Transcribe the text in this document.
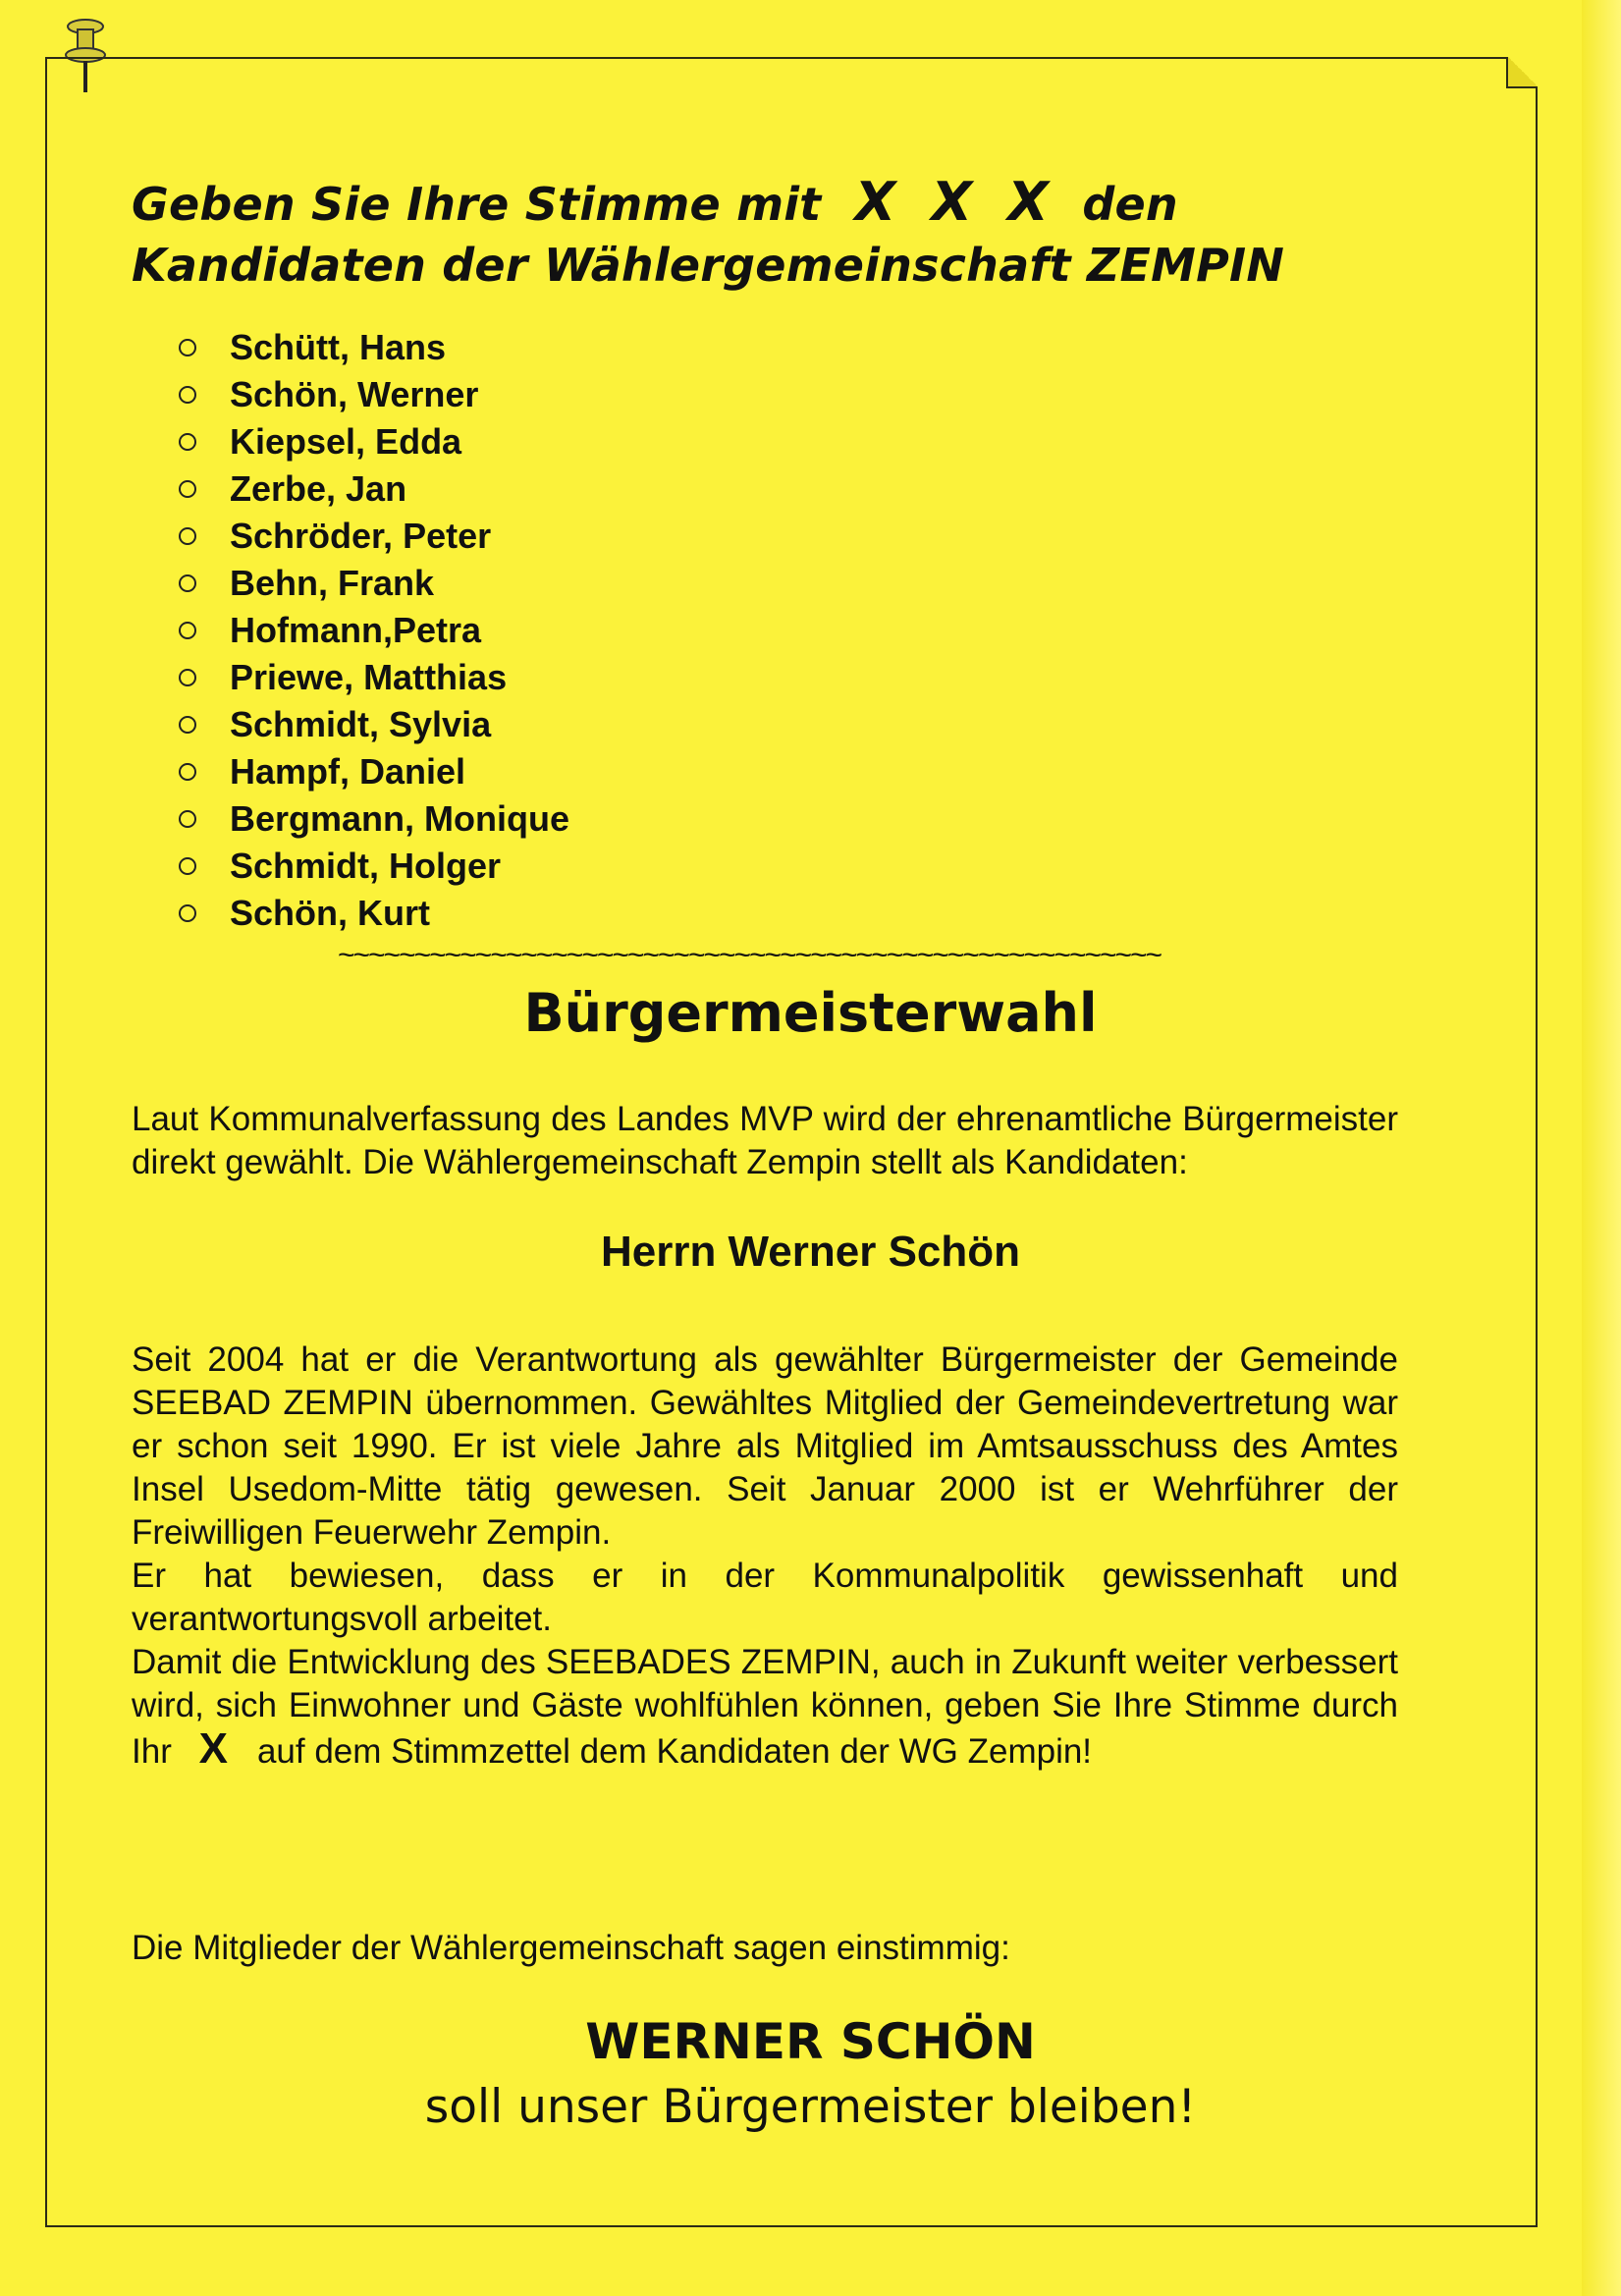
Geben Sie Ihre Stimme mit X X X den
Kandidaten der Wählergemeinschaft ZEMPIN
Schütt, Hans
Schön, Werner
Kiepsel, Edda
Zerbe, Jan
Schröder, Peter
Behn, Frank
Hofmann,Petra
Priewe, Matthias
Schmidt, Sylvia
Hampf, Daniel
Bergmann, Monique
Schmidt, Holger
Schön, Kurt
~~~~~~~~~~~~~~~~~~~~~~~~~~~~~~~~~~~~~~~~~~~~~~~~~~~~~~
Bürgermeisterwahl
Laut Kommunalverfassung des Landes MVP wird der ehrenamtliche Bürgermeister direkt gewählt. Die Wählergemeinschaft Zempin stellt als Kandidaten:
Herrn Werner Schön

Seit 2004 hat er die Verantwortung als gewählter Bürgermeister der Gemeinde SEEBAD ZEMPIN übernommen. Gewähltes Mitglied der Gemeindevertretung war er schon seit 1990. Er ist viele Jahre als Mitglied im Amtsausschuss des Amtes Insel Usedom-Mitte tätig gewesen. Seit Januar 2000 ist er Wehrführer der Freiwilligen Feuerwehr Zempin.

Er hat bewiesen, dass er in der Kommunalpolitik gewissenhaft und verantwortungsvoll arbeitet.

Damit die Entwicklung des SEEBADES ZEMPIN, auch in Zukunft weiter verbessert wird, sich Einwohner und Gäste wohlfühlen können, geben Sie Ihre Stimme durch Ihr X auf dem Stimmzettel dem Kandidaten der WG Zempin!

Die Mitglieder der Wählergemeinschaft sagen einstimmig:
WERNER SCHÖN
soll unser Bürgermeister bleiben!
